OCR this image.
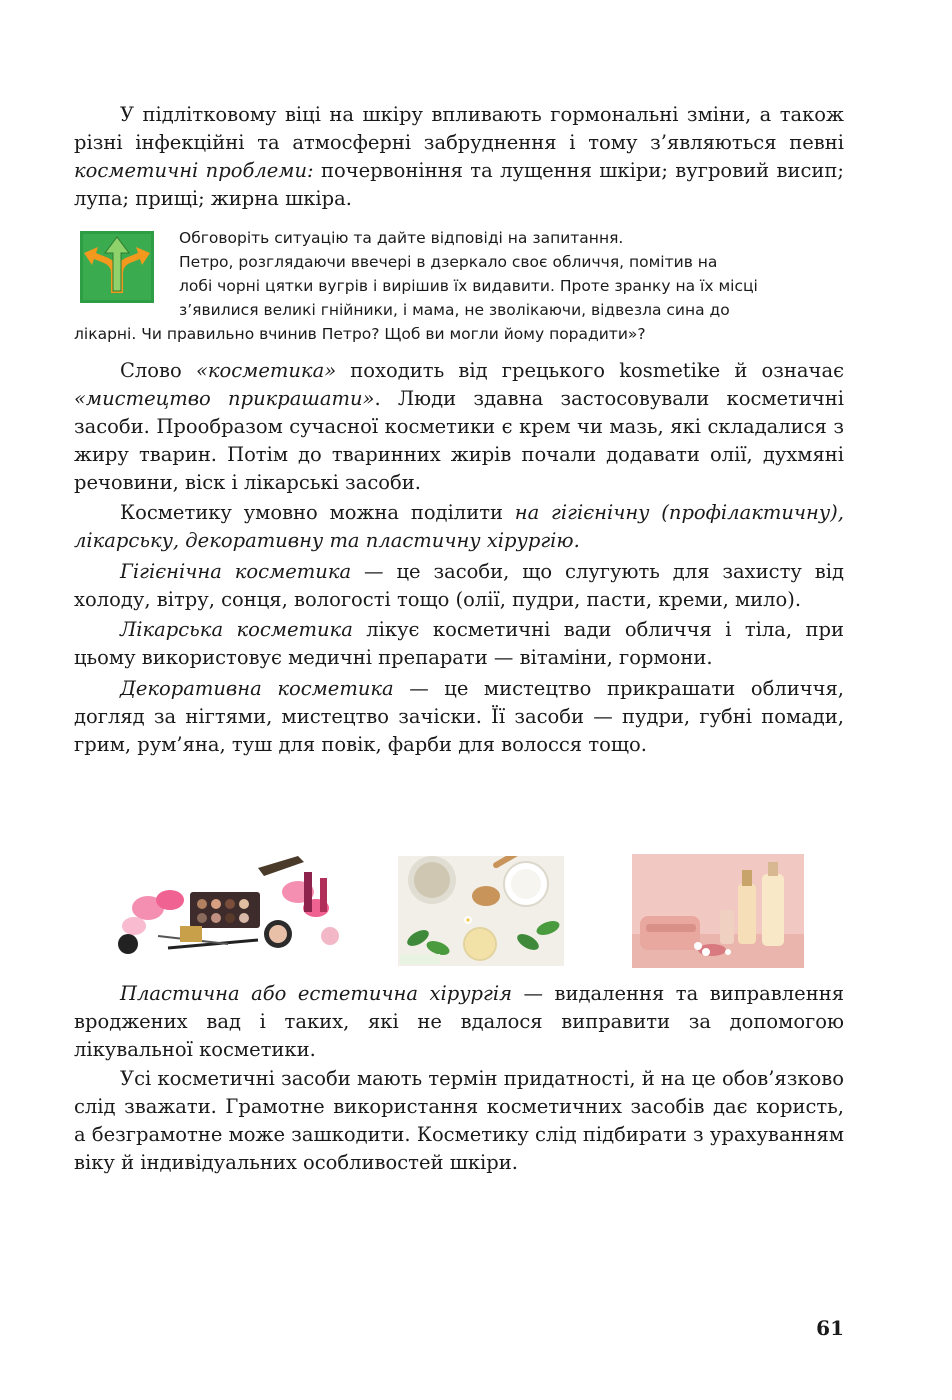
У підлітковому віці на шкіру впливають гормональні зміни, а також різні інфекційні та атмосферні забруднення і тому з’являються певні косметичні проблеми: почервоніння та лущення шкіри; вугровий висип; лупа; прищі; жирна шкіра.

Обговоріть ситуацію та дайте відповіді на запитання.
Петро, розглядаючи ввечері в дзеркало своє обличчя, помітив на
лобі чорні цятки вугрів і вирішив їх видавити. Проте зранку на їх місці
з’явилися великі гнійники, і мама, не зволікаючи, відвезла сина до
лікарні. Чи правильно вчинив Петро? Щоб ви могли йому порадити»?

Слово «косметика» походить від грецького kosmetike й означає «мистецтво прикрашати». Люди здавна застосовували косметичні засоби. Прообразом сучасної косметики є крем чи мазь, які складалися з жиру тварин. Потім до тваринних жирів почали додавати олії, духмяні речовини, віск і лікарські засоби.

Косметику умовно можна поділити на гігієнічну (профілактичну), лікарську, декоративну та пластичну хірургію.

Гігієнічна косметика — це засоби, що слугують для захисту від холоду, вітру, сонця, вологості тощо (олії, пудри, пасти, креми, мило).

Лікарська косметика лікує косметичні вади обличчя і тіла, при цьому використовує медичні препарати — вітаміни, гормони.

Декоративна косметика — це мистецтво прикрашати обличчя, догляд за нігтями, мистецтво зачіски. Її засоби — пудри, губні помади, грим, рум’яна, туш для повік, фарби для волосся тощо.

Пластична або естетична хірургія — видалення та виправлення вроджених вад і таких, які не вдалося виправити за допомогою лікувальної косметики.

Усі косметичні засоби мають термін придатності, й на це обов’язково слід зважати. Грамотне використання косметичних засобів дає користь, а безграмотне може зашкодити. Косметику слід підбирати з урахуванням віку й індивідуальних особливостей шкіри.

61
